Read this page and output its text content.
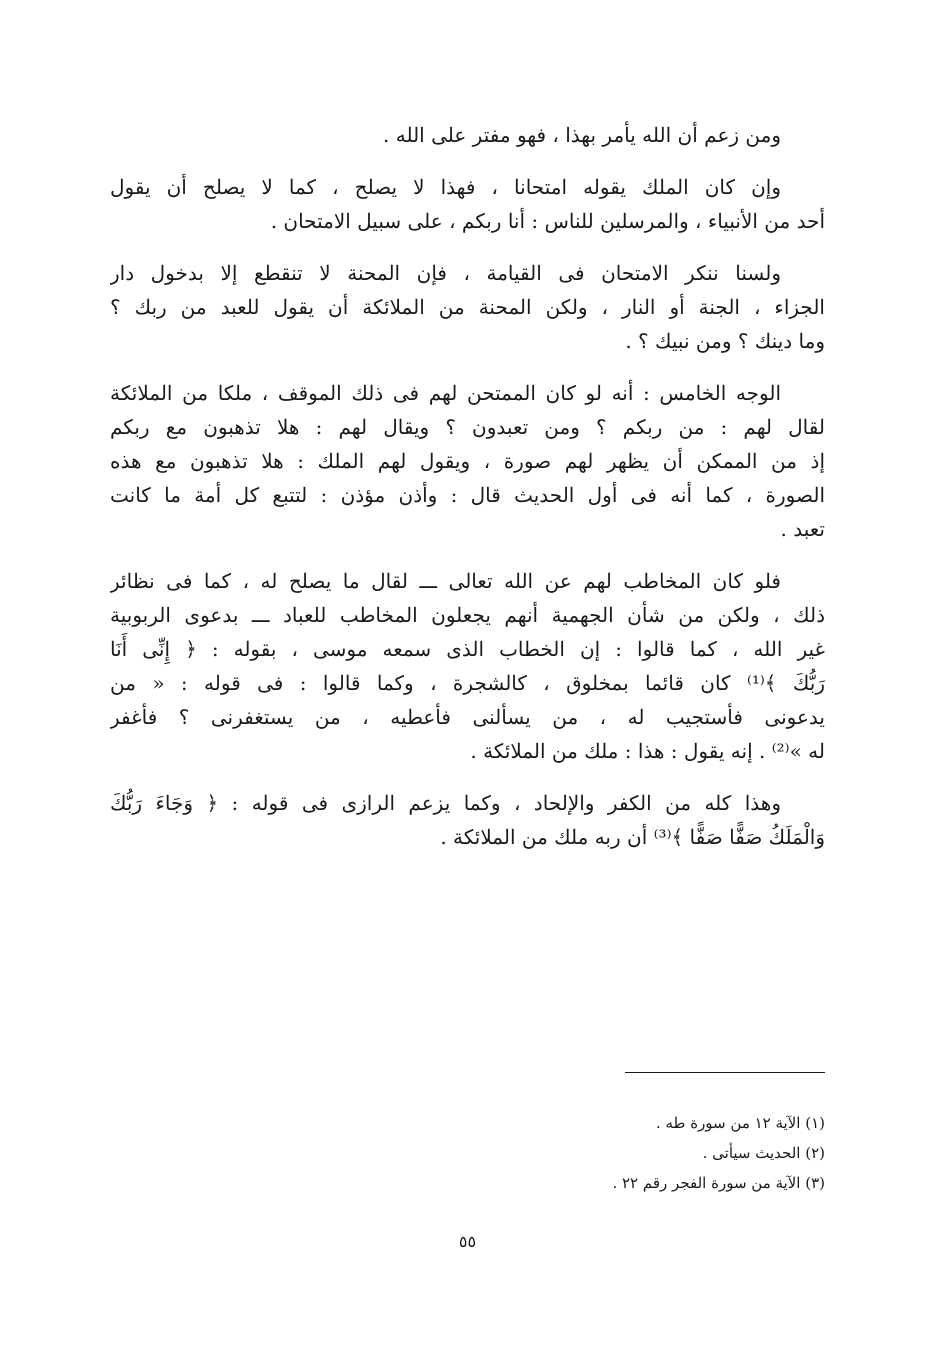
ومن زعم أن الله يأمر بهذا ، فهو مفتر على الله .

وإن كان الملك يقوله امتحانا ، فهذا لا يصلح ، كما لا يصلح أن يقول
أحد من الأنبياء ، والمرسلين للناس : أنا ربكم ، على سبيل الامتحان .

ولسنا ننكر الامتحان فى القيامة ، فإن المحنة لا تنقطع إلا بدخول دار
الجزاء ، الجنة أو النار ، ولكن المحنة من الملائكة أن يقول للعبد من ربك ؟
وما دينك ؟ ومن نبيك ؟ .

الوجه الخامس : أنه لو كان الممتحن لهم فى ذلك الموقف ، ملكا من الملائكة
لقال لهم : من ربكم ؟ ومن تعبدون ؟ ويقال لهم : هلا تذهبون مع ربكم
إذ من الممكن أن يظهر لهم صورة ، ويقول لهم الملك : هلا تذهبون مع هذه
الصورة ، كما أنه فى أول الحديث قال : وأذن مؤذن : لتتبع كل أمة ما كانت
تعبد .

فلو كان المخاطب لهم عن الله تعالى ـــ لقال ما يصلح له ، كما فى نظائر
ذلك ، ولكن من شأن الجهمية أنهم يجعلون المخاطب للعباد ـــ بدعوى الربوبية
غير الله ، كما قالوا : إن الخطاب الذى سمعه موسى ، بقوله : ﴿ إِنِّى أَنَا
رَبُّكَ ﴾⁽¹⁾ كان قائما بمخلوق ، كالشجرة ، وكما قالوا : فى قوله : « من
يدعونى فأستجيب له ، من يسألنى فأعطيه ، من يستغفرنى ؟ فأغفر
له »⁽²⁾ . إنه يقول : هذا : ملك من الملائكة .

وهذا كله من الكفر والإلحاد ، وكما يزعم الرازى فى قوله : ﴿ وَجَاءَ رَبُّكَ
وَالْمَلَكُ صَفًّا صَفًّا ﴾⁽³⁾ أن ربه ملك من الملائكة .

(١) الآية ١٢ من سورة طه .
(٢) الحديث سيأتى .
(٣) الآية من سورة الفجر رقم ٢٢ .
٥٥
